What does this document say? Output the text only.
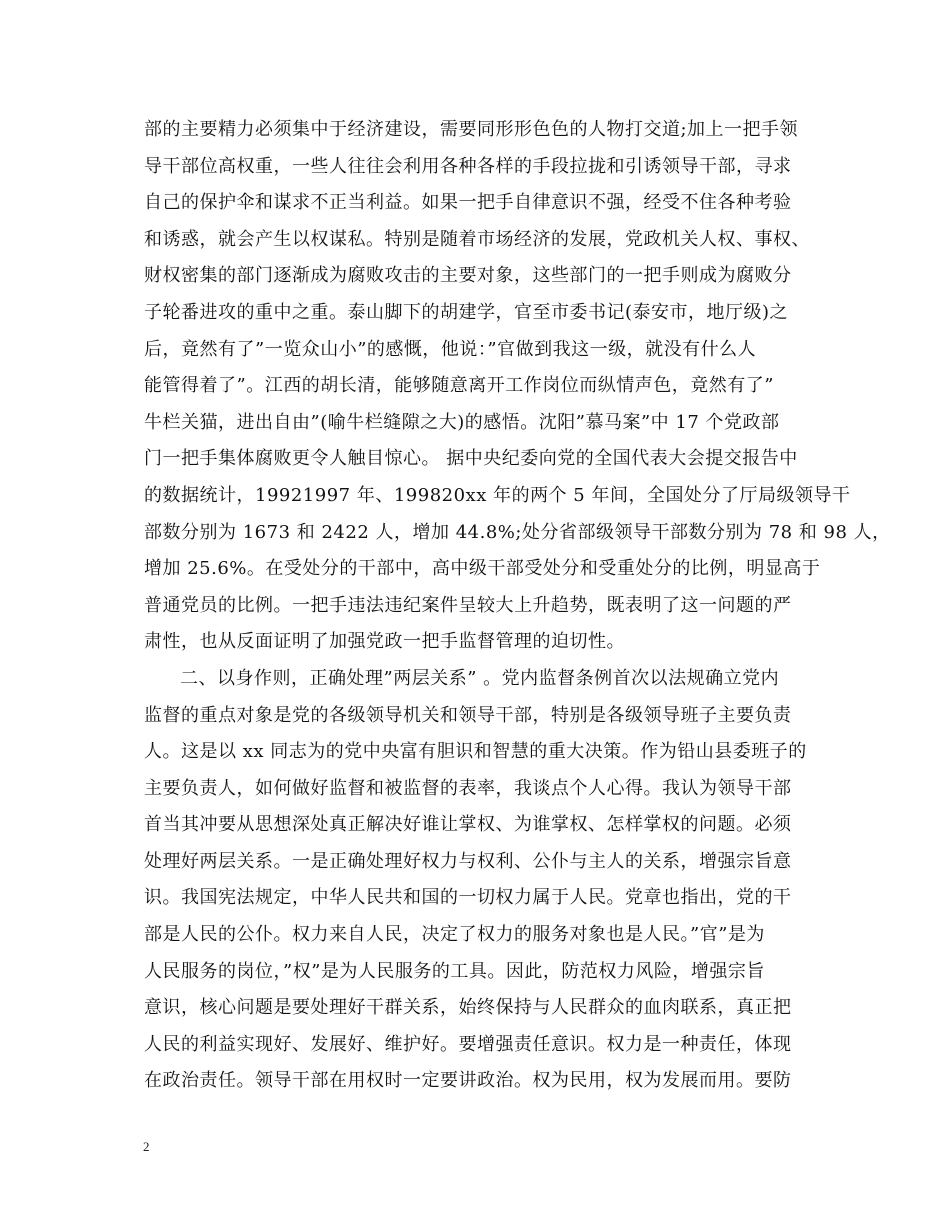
部的主要精力必须集中于经济建设，需要同形形色色的人物打交道;加上一把手领
导干部位高权重，一些人往往会利用各种各样的手段拉拢和引诱领导干部，寻求
自己的保护伞和谋求不正当利益。如果一把手自律意识不强，经受不住各种考验
和诱惑，就会产生以权谋私。特别是随着市场经济的发展，党政机关人权、事权、
财权密集的部门逐渐成为腐败攻击的主要对象，这些部门的一把手则成为腐败分
子轮番进攻的重中之重。泰山脚下的胡建学，官至市委书记(泰安市，地厅级)之
后，竟然有了”一览众山小”的感慨，他说：”官做到我这一级，就没有什么人
能管得着了”。江西的胡长清，能够随意离开工作岗位而纵情声色，竟然有了”
牛栏关猫，进出自由”(喻牛栏缝隙之大)的感悟。沈阳”慕马案”中 17 个党政部
门一把手集体腐败更令人触目惊心。 据中央纪委向党的全国代表大会提交报告中
的数据统计，19921997 年、199820xx 年的两个 5 年间，全国处分了厅局级领导干
部数分别为 1673 和 2422 人，增加 44.8%;处分省部级领导干部数分别为 78 和 98 人，
增加 25.6%。在受处分的干部中，高中级干部受处分和受重处分的比例，明显高于
普通党员的比例。一把手违法违纪案件呈较大上升趋势，既表明了这一问题的严
肃性，也从反面证明了加强党政一把手监督管理的迫切性。
二、以身作则，正确处理”两层关系” 。党内监督条例首次以法规确立党内
监督的重点对象是党的各级领导机关和领导干部，特别是各级领导班子主要负责
人。这是以 xx 同志为的党中央富有胆识和智慧的重大决策。作为铅山县委班子的
主要负责人，如何做好监督和被监督的表率，我谈点个人心得。我认为领导干部
首当其冲要从思想深处真正解决好谁让掌权、为谁掌权、怎样掌权的问题。必须
处理好两层关系。一是正确处理好权力与权利、公仆与主人的关系，增强宗旨意
识。我国宪法规定，中华人民共和国的一切权力属于人民。党章也指出，党的干
部是人民的公仆。权力来自人民，决定了权力的服务对象也是人民。”官”是为
人民服务的岗位，”权”是为人民服务的工具。因此，防范权力风险，增强宗旨
意识，核心问题是要处理好干群关系，始终保持与人民群众的血肉联系，真正把
人民的利益实现好、发展好、维护好。要增强责任意识。权力是一种责任，体现
在政治责任。领导干部在用权时一定要讲政治。权为民用，权为发展而用。要防
2
